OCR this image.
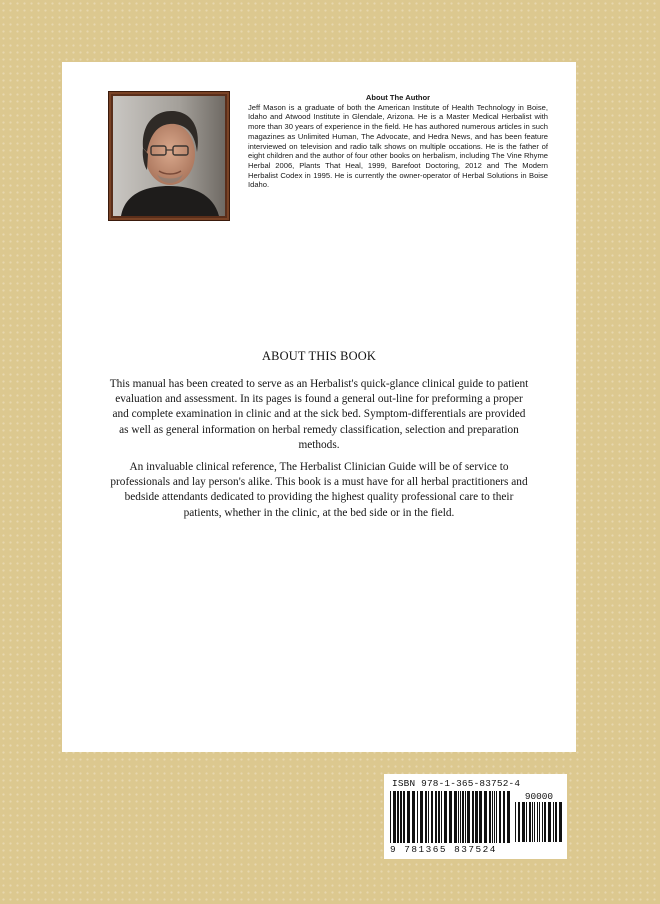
About The Author
Jeff Mason is a graduate of both the American Institute of Health Technology in Boise, Idaho and Atwood Institute in Glendale, Arizona. He is a Master Medical Herbalist with more than 30 years of experience in the field. He has authored numerous articles in such magazines as Unlimited Human, The Advocate, and Hedra News, and has been feature interviewed on television and radio talk shows on multiple occations. He is the father of eight children and the author of four other books on herbalism, including The Vine Rhyme Herbal 2006, Plants That Heal, 1999, Barefoot Doctoring, 2012 and The Modern Herbalist Codex in 1995. He is currently the owner-operator of Herbal Solutions in Boise Idaho.
ABOUT THIS BOOK
This manual has been created to serve as an Herbalist's quick-glance clinical guide to patient evaluation and assessment. In its pages is found a general out-line for preforming a proper and complete examination in clinic and at the sick bed. Symptom-differentials are provided as well as general information on herbal remedy classification, selection and preparation methods.
An invaluable clinical reference, The Herbalist Clinician Guide will be of service to professionals and lay person's alike. This book is a must have for all herbal practitioners and bedside attendants dedicated to providing the highest quality professional care to their patients, whether in the clinic, at the bed side or in the field.
ISBN 978-1-365-83752-4
90000
9 781365 837524
